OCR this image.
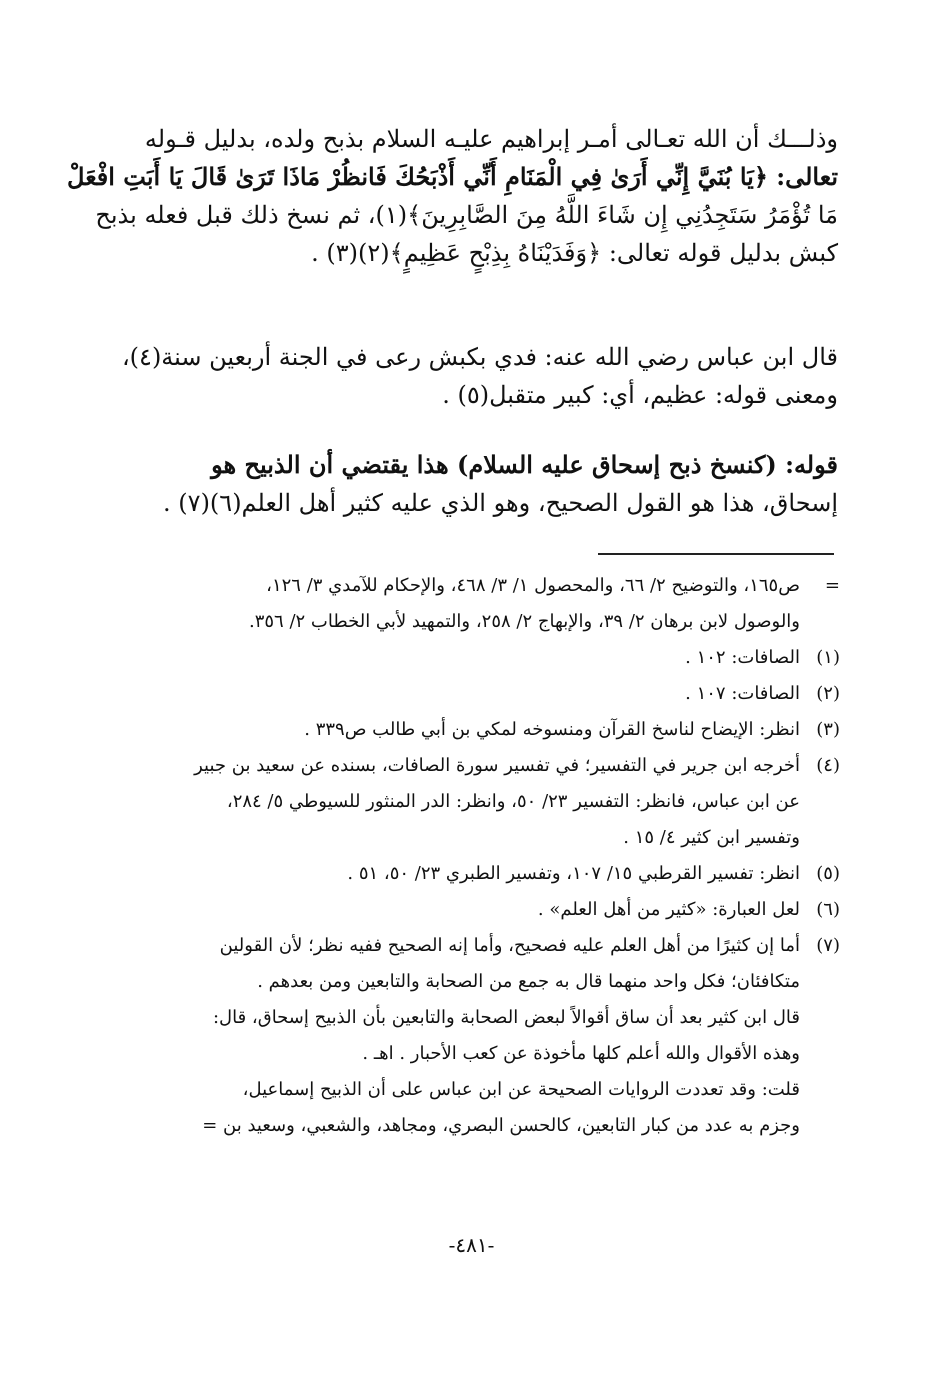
وذلـــك أن الله تعـالى أمـر إبراهيم عليـه السلام بذبح ولده، بدليل قـوله
تعالى: ﴿يَا بُنَيَّ إِنِّي أَرَىٰ فِي الْمَنَامِ أَنِّي أَذْبَحُكَ فَانظُرْ مَاذَا تَرَىٰ قَالَ يَا أَبَتِ افْعَلْ
مَا تُؤْمَرُ سَتَجِدُنِي إِن شَاءَ اللَّهُ مِنَ الصَّابِرِينَ﴾(١)، ثم نسخ ذلك قبل فعله بذبح
كبش بدليل قوله تعالى: ﴿وَفَدَيْنَاهُ بِذِبْحٍ عَظِيمٍ﴾(٢)(٣) .
قال ابن عباس رضي الله عنه: فدي بكبش رعى في الجنة أربعين سنة(٤)،
ومعنى قوله: عظيم، أي: كبير متقبل(٥) .
قوله: (كنسخ ذبح إسحاق عليه السلام) هذا يقتضي أن الذبيح هو
إسحاق، هذا هو القول الصحيح، وهو الذي عليه كثير أهل العلم(٦)(٧) .
=
ص١٦٥، والتوضيح ٢/ ٦٦، والمحصول ١/ ٣/ ٤٦٨، والإحكام للآمدي ٣/ ١٢٦،
والوصول لابن برهان ٢/ ٣٩، والإبهاج ٢/ ٢٥٨، والتمهيد لأبي الخطاب ٢/ ٣٥٦.
(١)
الصافات: ١٠٢ .
(٢)
الصافات: ١٠٧ .
(٣)
انظر: الإيضاح لناسخ القرآن ومنسوخه لمكي بن أبي طالب ص٣٣٩ .
(٤)
أخرجه ابن جرير في التفسير؛ في تفسير سورة الصافات، بسنده عن سعيد بن جبير
عن ابن عباس، فانظر: التفسير ٢٣/ ٥٠، وانظر: الدر المنثور للسيوطي ٥/ ٢٨٤،
وتفسير ابن كثير ٤/ ١٥ .
(٥)
انظر: تفسير القرطبي ١٥/ ١٠٧، وتفسير الطبري ٢٣/ ٥٠، ٥١ .
(٦)
لعل العبارة: «كثير من أهل العلم» .
(٧)
أما إن كثيرًا من أهل العلم عليه فصحيح، وأما إنه الصحيح ففيه نظر؛ لأن القولين
متكافئان؛ فكل واحد منهما قال به جمع من الصحابة والتابعين ومن بعدهم .
قال ابن كثير بعد أن ساق أقوالاً لبعض الصحابة والتابعين بأن الذبيح إسحاق، قال:
وهذه الأقوال والله أعلم كلها مأخوذة عن كعب الأحبار . اهـ .
قلت: وقد تعددت الروايات الصحيحة عن ابن عباس على أن الذبيح إسماعيل،
وجزم به عدد من كبار التابعين، كالحسن البصري، ومجاهد، والشعبي، وسعيد بن =
-٤٨١-
